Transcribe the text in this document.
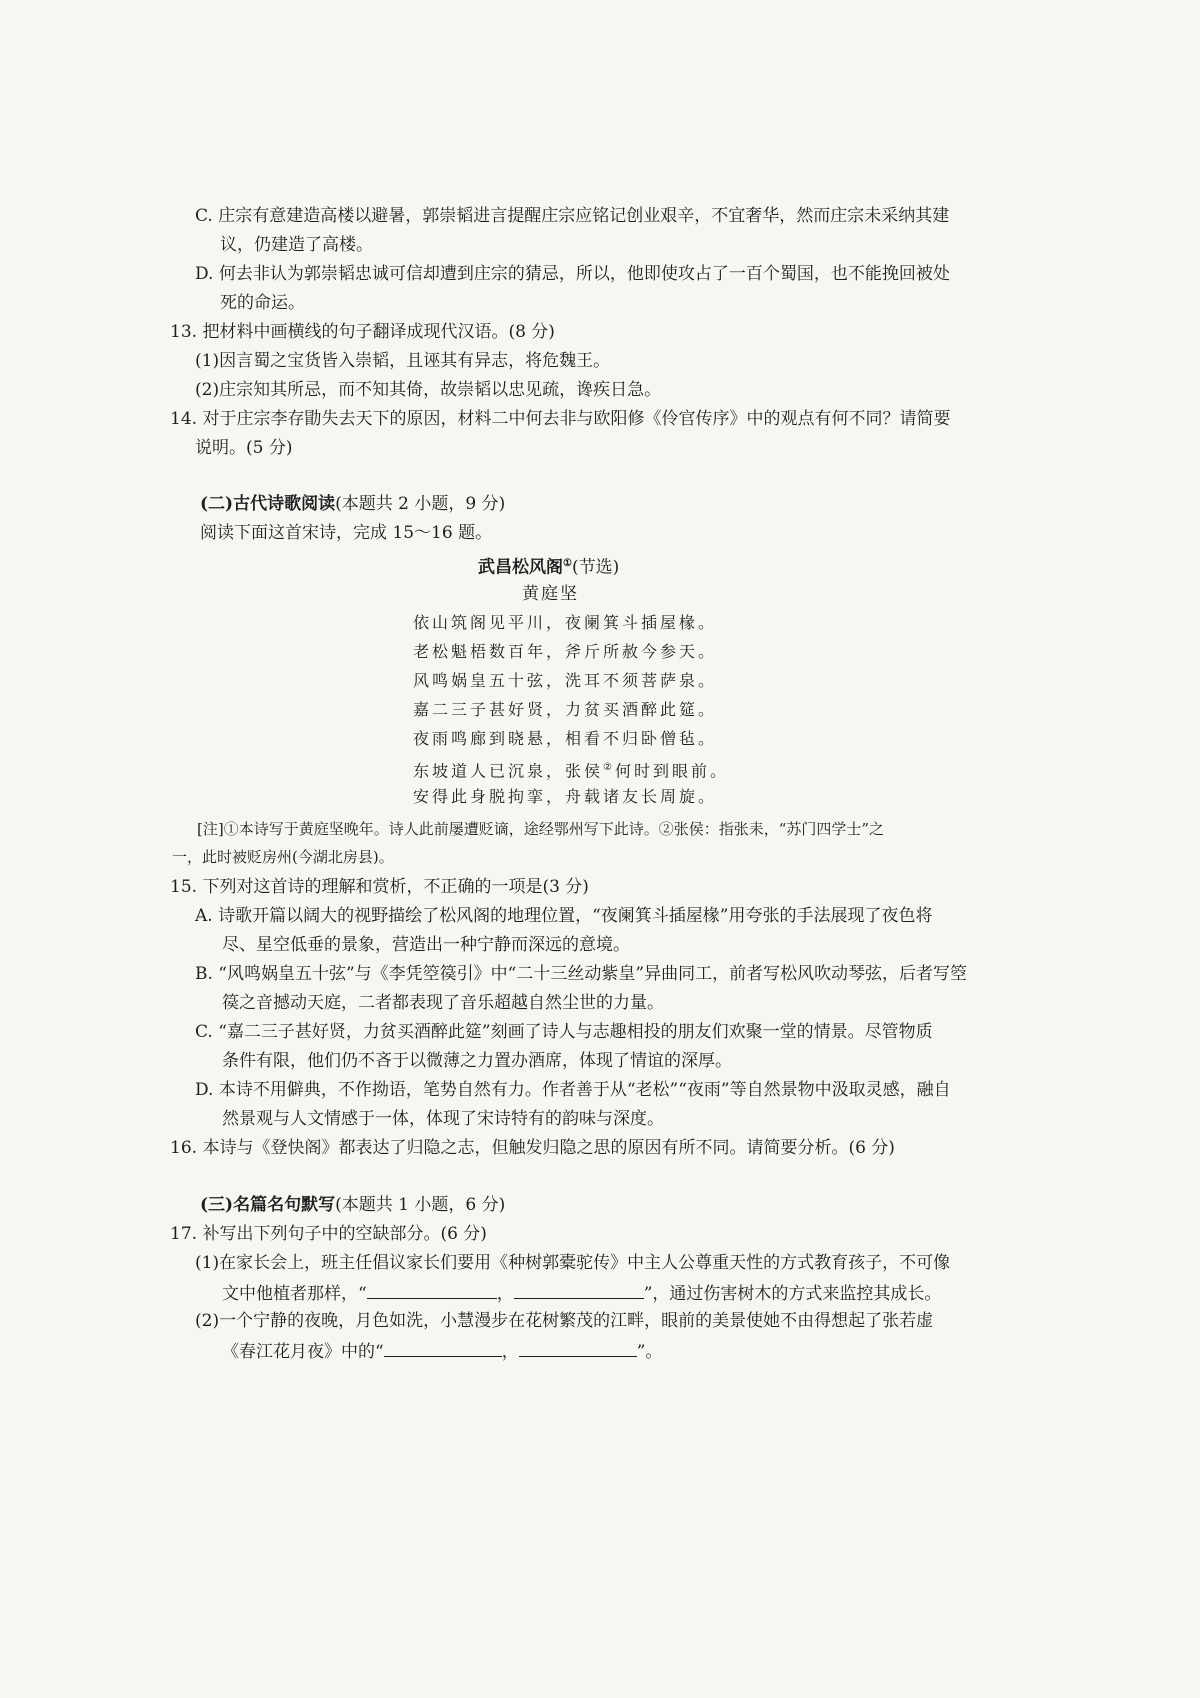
C. 庄宗有意建造高楼以避暑，郭崇韬进言提醒庄宗应铭记创业艰辛，不宜奢华，然而庄宗未采纳其建
议，仍建造了高楼。
D. 何去非认为郭崇韬忠诚可信却遭到庄宗的猜忌，所以，他即使攻占了一百个蜀国，也不能挽回被处
死的命运。
13. 把材料中画横线的句子翻译成现代汉语。(8 分)
(1)因言蜀之宝货皆入崇韬，且诬其有异志，将危魏王。
(2)庄宗知其所忌，而不知其倚，故崇韬以忠见疏，谗疾日急。
14. 对于庄宗李存勖失去天下的原因，材料二中何去非与欧阳修《伶官传序》中的观点有何不同？请简要
说明。(5 分)
(二)古代诗歌阅读(本题共 2 小题，9 分)
阅读下面这首宋诗，完成 15～16 题。
武昌松风阁①(节选)
黄庭坚
依山筑阁见平川，夜阑箕斗插屋椽。
老松魁梧数百年，斧斤所赦今参天。
风鸣娲皇五十弦，洗耳不须菩萨泉。
嘉二三子甚好贤，力贫买酒醉此筵。
夜雨鸣廊到晓悬，相看不归卧僧毡。
东坡道人已沉泉，张侯②何时到眼前。
安得此身脱拘挛，舟载诸友长周旋。
[注]①本诗写于黄庭坚晚年。诗人此前屡遭贬谪，途经鄂州写下此诗。②张侯：指张耒，“苏门四学士”之
一，此时被贬房州(今湖北房县)。
15. 下列对这首诗的理解和赏析，不正确的一项是(3 分)
A. 诗歌开篇以阔大的视野描绘了松风阁的地理位置，“夜阑箕斗插屋椽”用夸张的手法展现了夜色将
尽、星空低垂的景象，营造出一种宁静而深远的意境。
B. “风鸣娲皇五十弦”与《李凭箜篌引》中“二十三丝动紫皇”异曲同工，前者写松风吹动琴弦，后者写箜
篌之音撼动天庭，二者都表现了音乐超越自然尘世的力量。
C. “嘉二三子甚好贤，力贫买酒醉此筵”刻画了诗人与志趣相投的朋友们欢聚一堂的情景。尽管物质
条件有限，他们仍不吝于以微薄之力置办酒席，体现了情谊的深厚。
D. 本诗不用僻典，不作拗语，笔势自然有力。作者善于从“老松”“夜雨”等自然景物中汲取灵感，融自
然景观与人文情感于一体，体现了宋诗特有的韵味与深度。
16. 本诗与《登快阁》都表达了归隐之志，但触发归隐之思的原因有所不同。请简要分析。(6 分)
(三)名篇名句默写(本题共 1 小题，6 分)
17. 补写出下列句子中的空缺部分。(6 分)
(1)在家长会上，班主任倡议家长们要用《种树郭橐驼传》中主人公尊重天性的方式教育孩子，不可像
文中他植者那样，“	，	”，通过伤害树木的方式来监控其成长。
(2)一个宁静的夜晚，月色如洗，小慧漫步在花树繁茂的江畔，眼前的美景使她不由得想起了张若虚
《春江花月夜》中的“	，	”。
